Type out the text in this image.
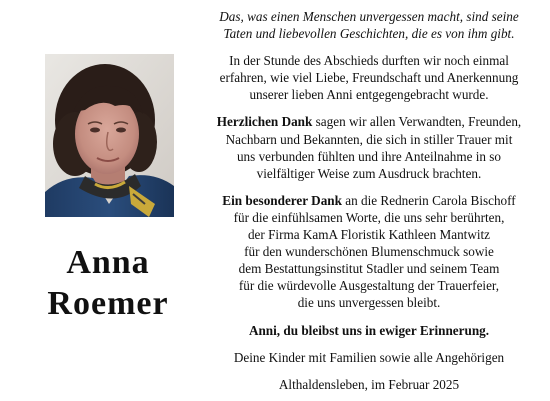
Anna
Roemer

Das, was einen Menschen unvergessen macht, sind seine
Taten und liebevollen Geschichten, die es von ihm gibt.

In der Stunde des Abschieds durften wir noch einmal
erfahren, wie viel Liebe, Freundschaft und Anerkennung
unserer lieben Anni entgegengebracht wurde.

Herzlichen Dank sagen wir allen Verwandten, Freunden,
Nachbarn und Bekannten, die sich in stiller Trauer mit
uns verbunden fühlten und ihre Anteilnahme in so
vielfältiger Weise zum Ausdruck brachten.

Ein besonderer Dank an die Rednerin Carola Bischoff
für die einfühlsamen Worte, die uns sehr berührten,
der Firma KamA Floristik Kathleen Mantwitz
für den wunderschönen Blumenschmuck sowie
dem Bestattungsinstitut Stadler und seinem Team
für die würdevolle Ausgestaltung der Trauerfeier,
die uns unvergessen bleibt.

Anni, du bleibst uns in ewiger Erinnerung.

Deine Kinder mit Familien sowie alle Angehörigen

Althaldensleben, im Februar 2025
